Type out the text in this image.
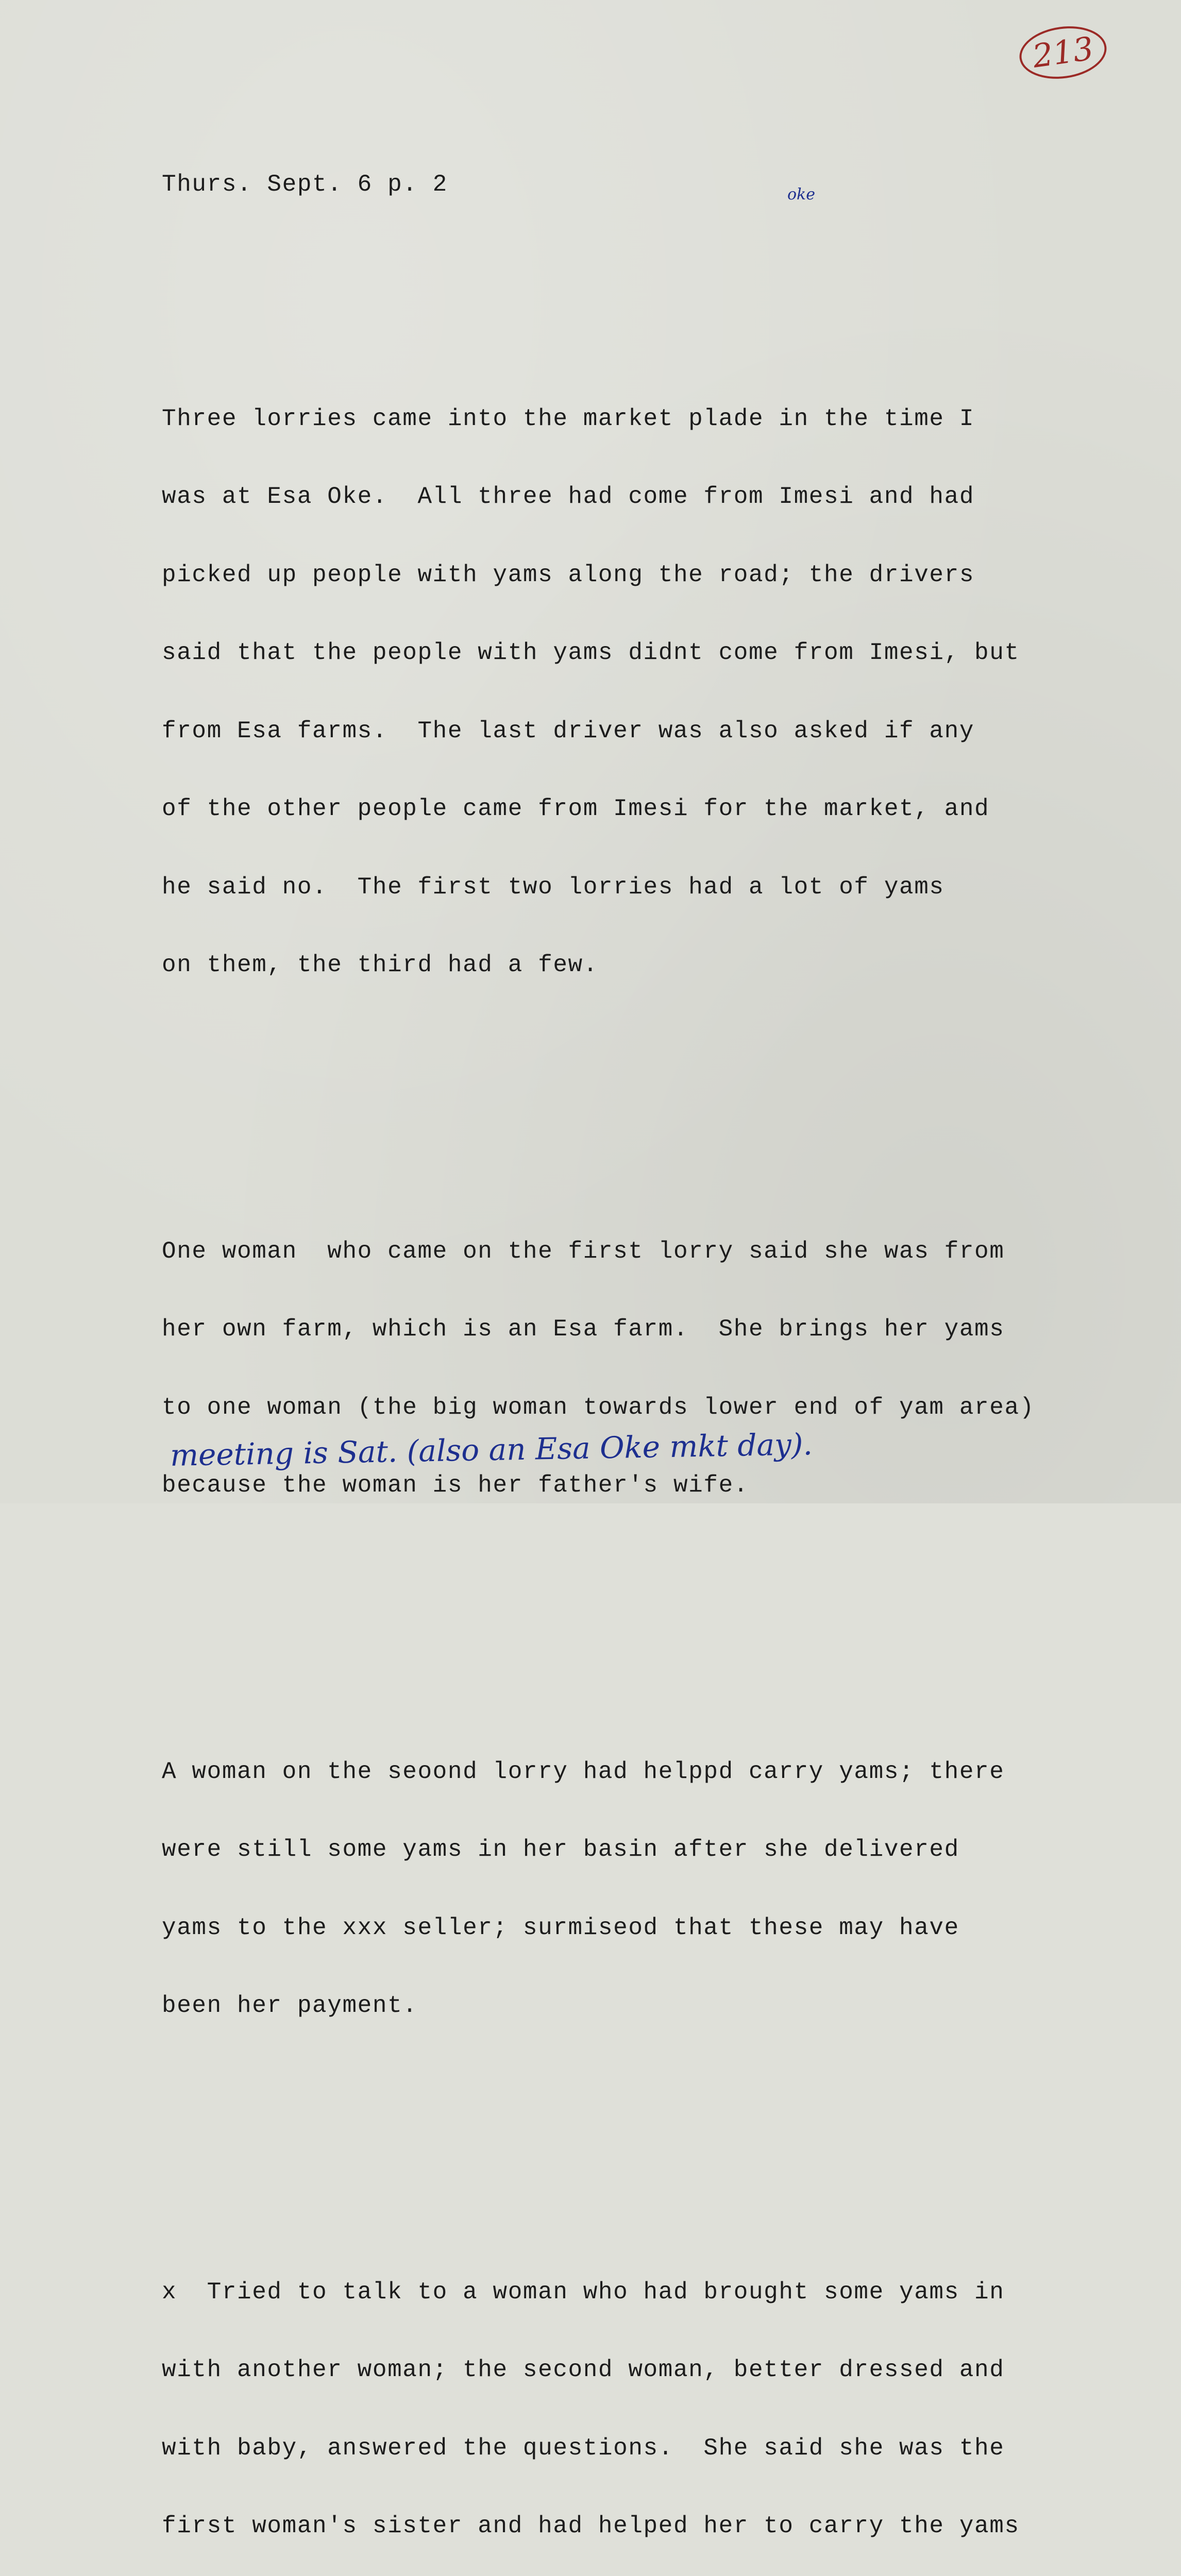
213
oke

Thurs. Sept. 6 p. 2

Three lorries came into the market plade in the time I

was at Esa Oke.  All three had come from Imesi and had

picked up people with yams along the road; the drivers

said that the people with yams didnt come from Imesi, but

from Esa farms.  The last driver was also asked if any

of the other people came from Imesi for the market, and

he said no.  The first two lorries had a lot of yams

on them, the third had a few.

One woman  who came on the first lorry said she was from

her own farm, which is an Esa farm.  She brings her yams

to one woman (the big woman towards lower end of yam area)

because the woman is her father's wife.

A woman on the seoond lorry had helppd carry yams; there

were still some yams in her basin after she delivered

yams to the xxx seller; surmiseod that these may have

been her payment.

x  Tried to talk to a woman who had brought some yams in

with another woman; the second woman, better dressed and

with baby, answered the questions.  She said she was the

first woman's sister and had helped her to carry the yams

meeting is Sat. (also an Esa Oke mkt day).
